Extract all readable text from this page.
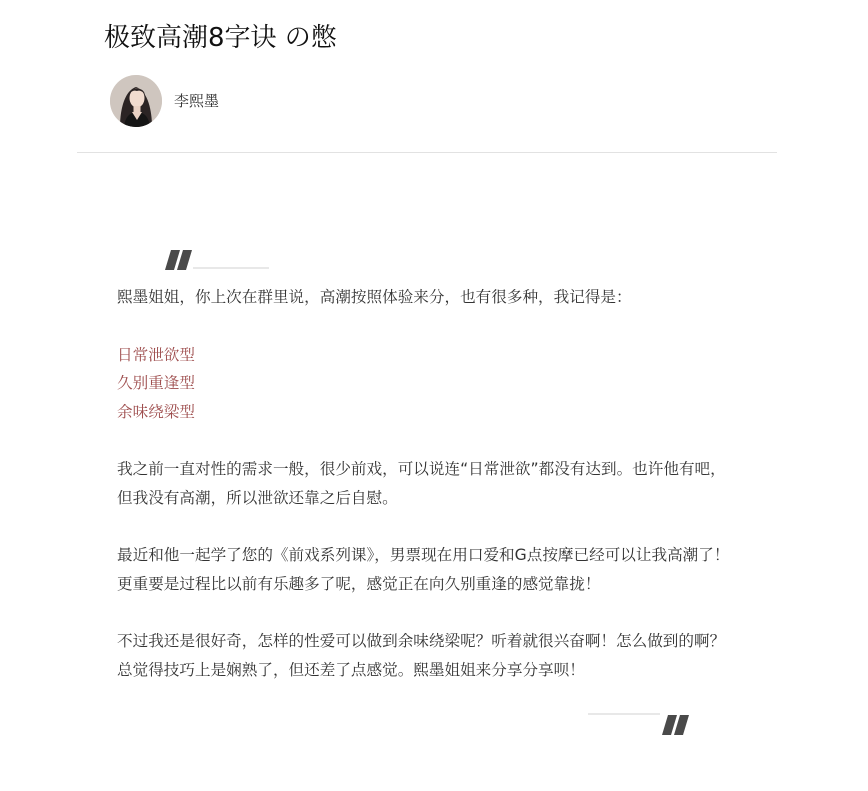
极致高潮8字诀 の憋
李熙墨

熙墨姐姐，你上次在群里说，高潮按照体验来分，也有很多种，我记得是：

日常泄欲型

久别重逢型

余味绕梁型

我之前一直对性的需求一般，很少前戏，可以说连“日常泄欲”都没有达到。也许他有吧，但我没有高潮，所以泄欲还靠之后自慰。

最近和他一起学了您的《前戏系列课》，男票现在用口爱和G点按摩已经可以让我高潮了！更重要是过程比以前有乐趣多了呢，感觉正在向久别重逢的感觉靠拢！

不过我还是很好奇，怎样的性爱可以做到余味绕梁呢？听着就很兴奋啊！怎么做到的啊？总觉得技巧上是娴熟了，但还差了点感觉。熙墨姐姐来分享分享呗！
